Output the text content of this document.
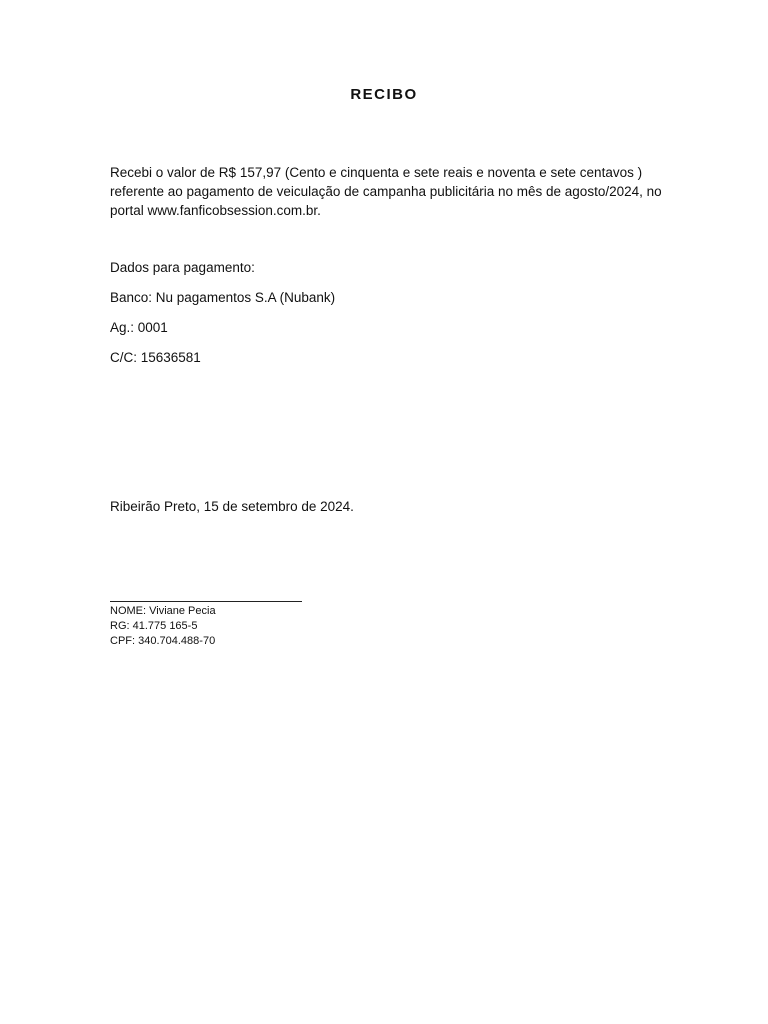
RECIBO
Recebi o valor de R$ 157,97 (Cento e cinquenta e sete reais e noventa e sete centavos ) referente ao pagamento de veiculação de campanha publicitária no mês de agosto/2024, no portal www.fanficobsession.com.br.
Dados para pagamento:
Banco: Nu pagamentos S.A (Nubank)
Ag.: 0001
C/C: 15636581
Ribeirão Preto, 15 de setembro de 2024.
NOME: Viviane Pecia
RG: 41.775 165-5
CPF: 340.704.488-70
